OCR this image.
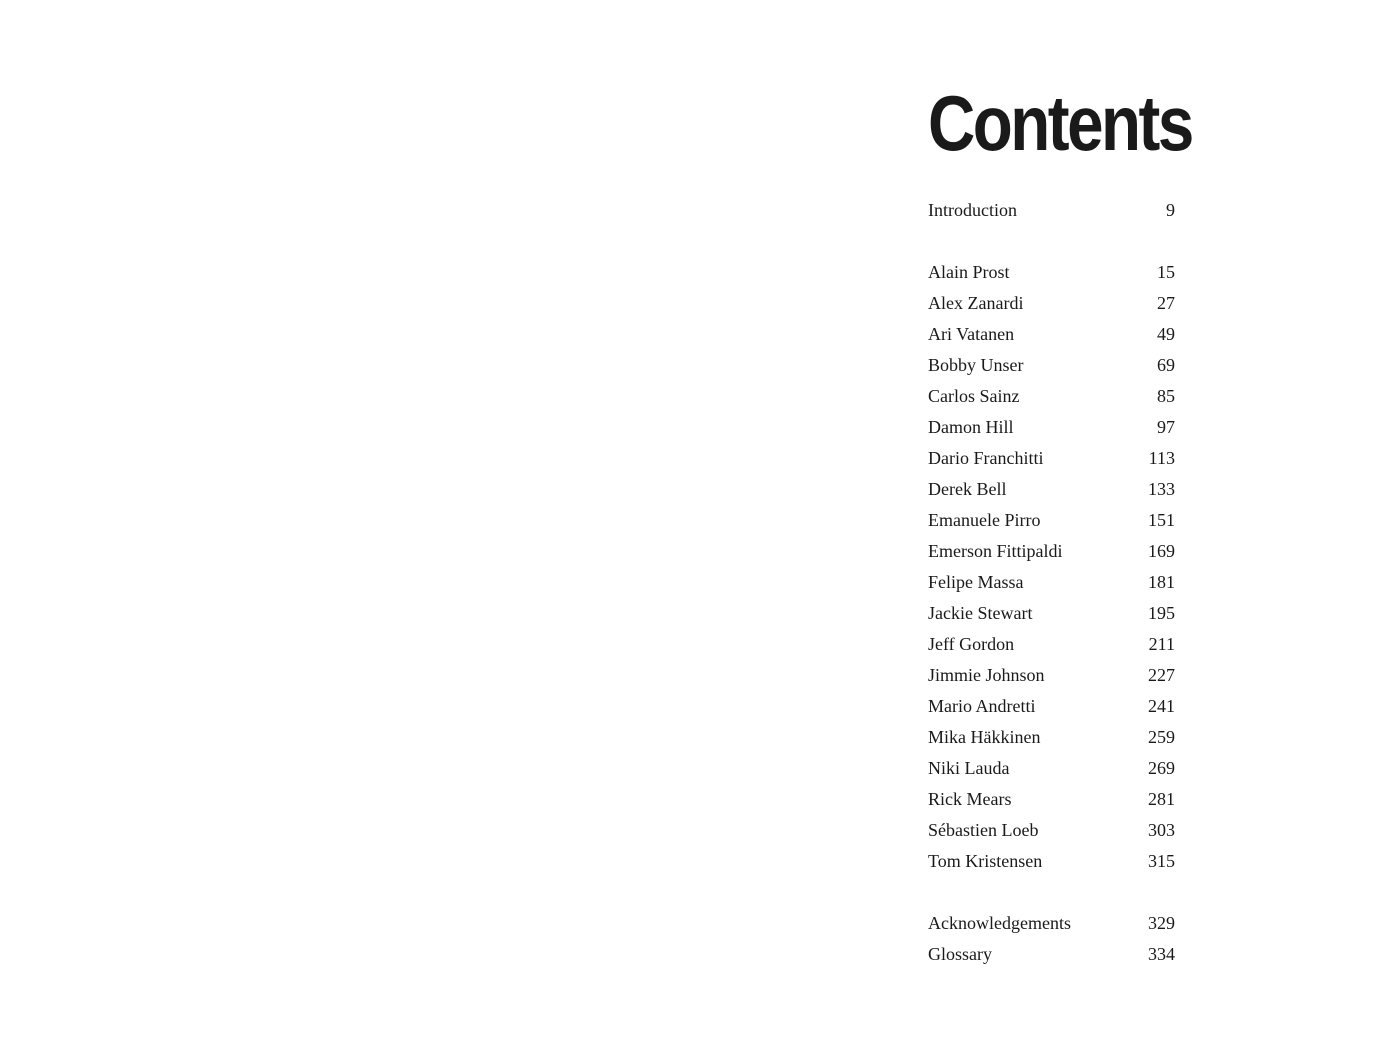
Contents
Introduction	9
Alain Prost	15
Alex Zanardi	27
Ari Vatanen	49
Bobby Unser	69
Carlos Sainz	85
Damon Hill	97
Dario Franchitti	113
Derek Bell	133
Emanuele Pirro	151
Emerson Fittipaldi	169
Felipe Massa	181
Jackie Stewart	195
Jeff Gordon	211
Jimmie Johnson	227
Mario Andretti	241
Mika Häkkinen	259
Niki Lauda	269
Rick Mears	281
Sébastien Loeb	303
Tom Kristensen	315
Acknowledgements	329
Glossary	334
